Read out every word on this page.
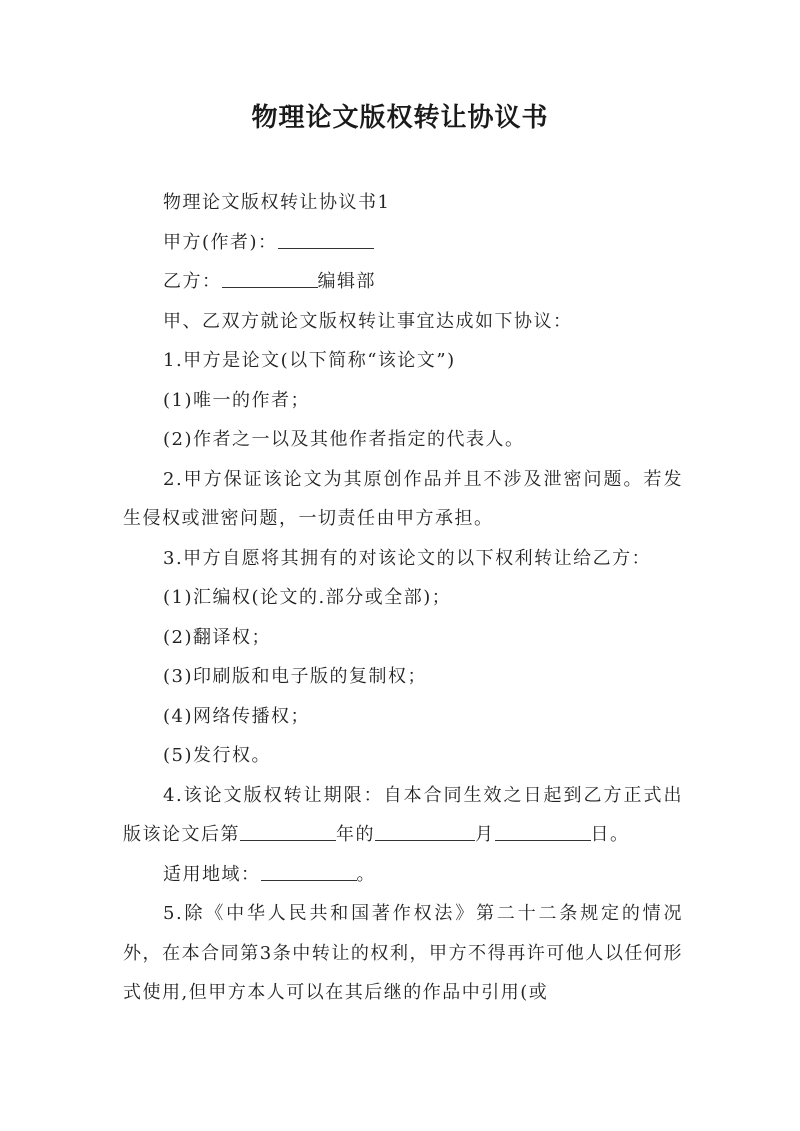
物理论文版权转让协议书

物理论文版权转让协议书1

甲方(作者)：

乙方：	编辑部

甲、乙双方就论文版权转让事宜达成如下协议：

1.甲方是论文(以下简称“该论文”)

(1)唯一的作者；

(2)作者之一以及其他作者指定的代表人。

2.甲方保证该论文为其原创作品并且不涉及泄密问题。若发生侵权或泄密问题，一切责任由甲方承担。

3.甲方自愿将其拥有的对该论文的以下权利转让给乙方：

(1)汇编权(论文的.部分或全部)；

(2)翻译权；

(3)印刷版和电子版的复制权；

(4)网络传播权；

(5)发行权。

4.该论文版权转让期限：自本合同生效之日起到乙方正式出版该论文后第	年的	月	日。

适用地域：	。

5.除《中华人民共和国著作权法》第二十二条规定的情况外，在本合同第3条中转让的权利，甲方不得再许可他人以任何形式使用,但甲方本人可以在其后继的作品中引用(或
